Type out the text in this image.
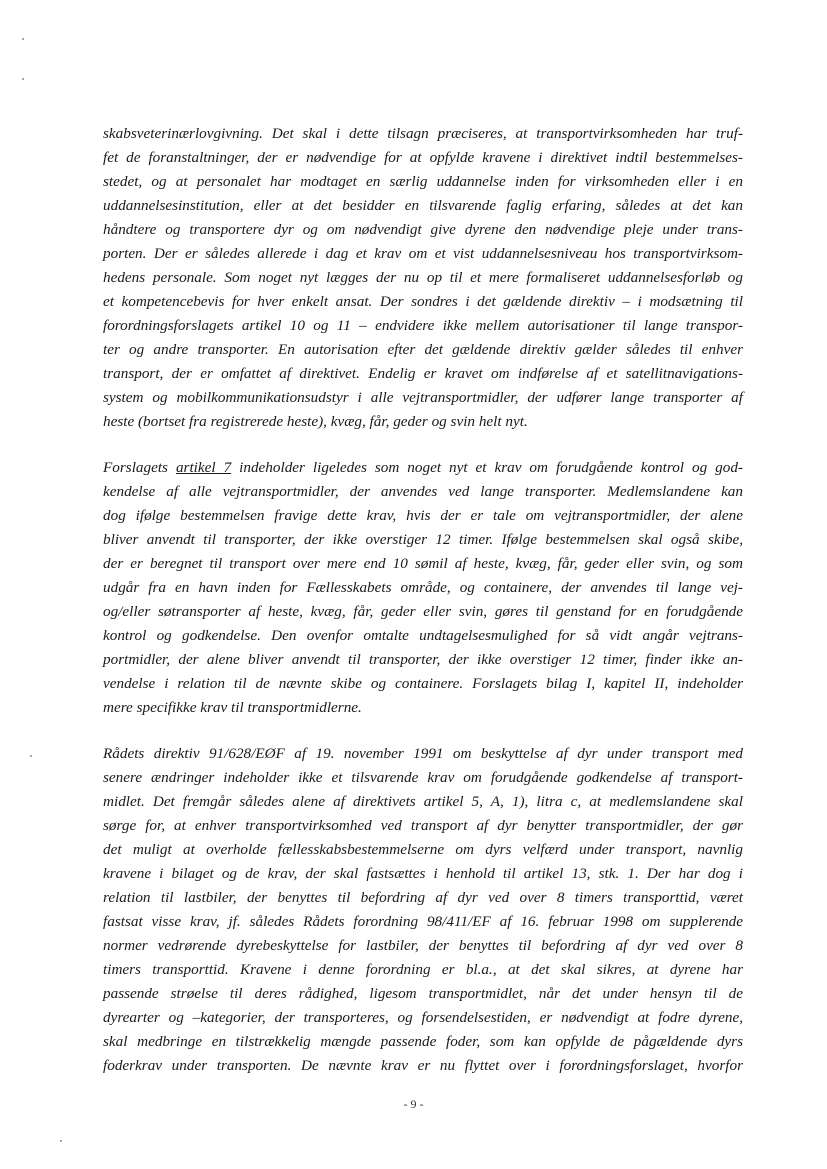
skabsveterinærlovgivning. Det skal i dette tilsagn præciseres, at transportvirksomheden har truf-
fet de foranstaltninger, der er nødvendige for at opfylde kravene i direktivet indtil bestemmelses-
stedet, og at personalet har modtaget en særlig uddannelse inden for virksomheden eller i en
uddannelsesinstitution, eller at det besidder en tilsvarende faglig erfaring, således at det kan
håndtere og transportere dyr og om nødvendigt give dyrene den nødvendige pleje under trans-
porten. Der er således allerede i dag et krav om et vist uddannelsesniveau hos transportvirksom-
hedens personale. Som noget nyt lægges der nu op til et mere formaliseret uddannelsesforløb og
et kompetencebevis for hver enkelt ansat. Der sondres i det gældende direktiv – i modsætning til
forordningsforslagets artikel 10 og 11 – endvidere ikke mellem autorisationer til lange transpor-
ter og andre transporter. En autorisation efter det gældende direktiv gælder således til enhver
transport, der er omfattet af direktivet. Endelig er kravet om indførelse af et satellitnavigations-
system og mobilkommunikationsudstyr i alle vejtransportmidler, der udfører lange transporter af
heste (bortset fra registrerede heste), kvæg, får, geder og svin helt nyt.

Forslagets artikel 7 indeholder ligeledes som noget nyt et krav om forudgående kontrol og god-
kendelse af alle vejtransportmidler, der anvendes ved lange transporter. Medlemslandene kan
dog ifølge bestemmelsen fravige dette krav, hvis der er tale om vejtransportmidler, der alene
bliver anvendt til transporter, der ikke overstiger 12 timer. Ifølge bestemmelsen skal også skibe,
der er beregnet til transport over mere end 10 sømil af heste, kvæg, får, geder eller svin, og som
udgår fra en havn inden for Fællesskabets område, og containere, der anvendes til lange vej-
og/eller søtransporter af heste, kvæg, får, geder eller svin, gøres til genstand for en forudgående
kontrol og godkendelse. Den ovenfor omtalte undtagelsesmulighed for så vidt angår vejtrans-
portmidler, der alene bliver anvendt til transporter, der ikke overstiger 12 timer, finder ikke an-
vendelse i relation til de nævnte skibe og containere. Forslagets bilag I, kapitel II, indeholder
mere specifikke krav til transportmidlerne.

Rådets direktiv 91/628/EØF af 19. november 1991 om beskyttelse af dyr under transport med
senere ændringer indeholder ikke et tilsvarende krav om forudgående godkendelse af transport-
midlet. Det fremgår således alene af direktivets artikel 5, A, 1), litra c, at medlemslandene skal
sørge for, at enhver transportvirksomhed ved transport af dyr benytter transportmidler, der gør
det muligt at overholde fællesskabsbestemmelserne om dyrs velfærd under transport, navnlig
kravene i bilaget og de krav, der skal fastsættes i henhold til artikel 13, stk. 1. Der har dog i
relation til lastbiler, der benyttes til befordring af dyr ved over 8 timers transporttid, været
fastsat visse krav, jf. således Rådets forordning 98/411/EF af 16. februar 1998 om supplerende
normer vedrørende dyrebeskyttelse for lastbiler, der benyttes til befordring af dyr ved over 8
timers transporttid. Kravene i denne forordning er bl.a., at det skal sikres, at dyrene har
passende strøelse til deres rådighed, ligesom transportmidlet, når det under hensyn til de
dyrearter og –kategorier, der transporteres, og forsendelsestiden, er nødvendigt at fodre dyrene,
skal medbringe en tilstrækkelig mængde passende foder, som kan opfylde de pågældende dyrs
foderkrav under transporten. De nævnte krav er nu flyttet over i forordningsforslaget, hvorfor

- 9 -
